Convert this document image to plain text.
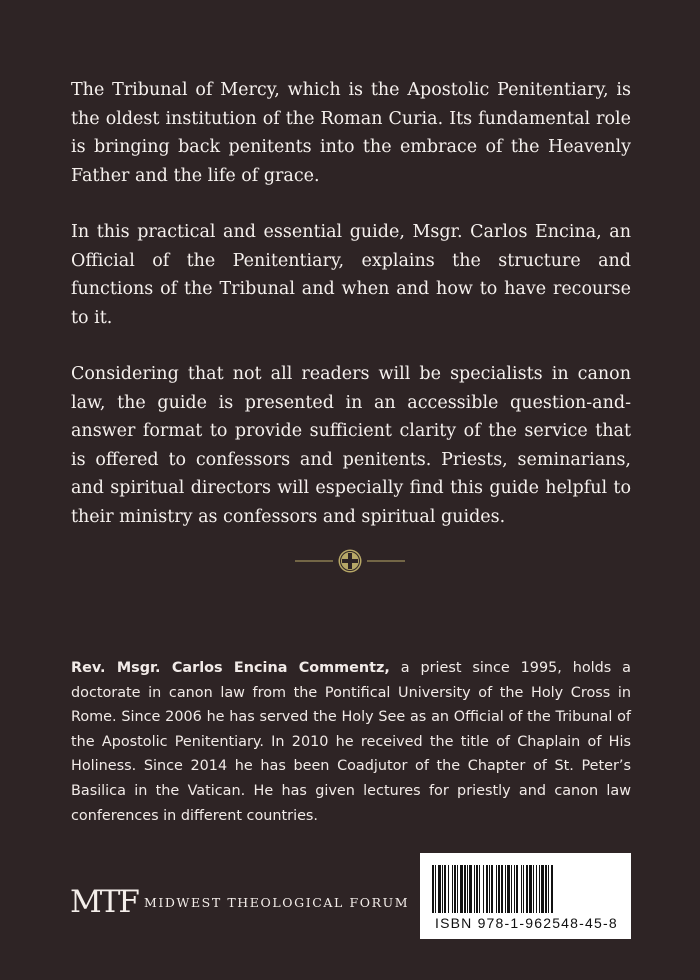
The Tribunal of Mercy, which is the Apostolic Penitentiary, is the oldest institution of the Roman Curia. Its fundamental role is bringing back penitents into the embrace of the Heavenly Father and the life of grace.

In this practical and essential guide, Msgr. Carlos Encina, an Official of the Penitentiary, explains the structure and functions of the Tribunal and when and how to have recourse to it.

Considering that not all readers will be specialists in canon law, the guide is presented in an accessible question-and-answer format to provide sufficient clarity of the service that is offered to confessors and penitents. Priests, seminarians, and spiritual directors will especially find this guide helpful to their ministry as confessors and spiritual guides.

Rev. Msgr. Carlos Encina Commentz, a priest since 1995, holds a doctorate in canon law from the Pontifical University of the Holy Cross in Rome. Since 2006 he has served the Holy See as an Official of the Tribunal of the Apostolic Penitentiary. In 2010 he received the title of Chaplain of His Holiness. Since 2014 he has been Coadjutor of the Chapter of St. Peter’s Basilica in the Vatican. He has given lectures for priestly and canon law conferences in different countries.

MTF MIDWEST THEOLOGICAL FORUM
ISBN 978-1-962548-45-8
